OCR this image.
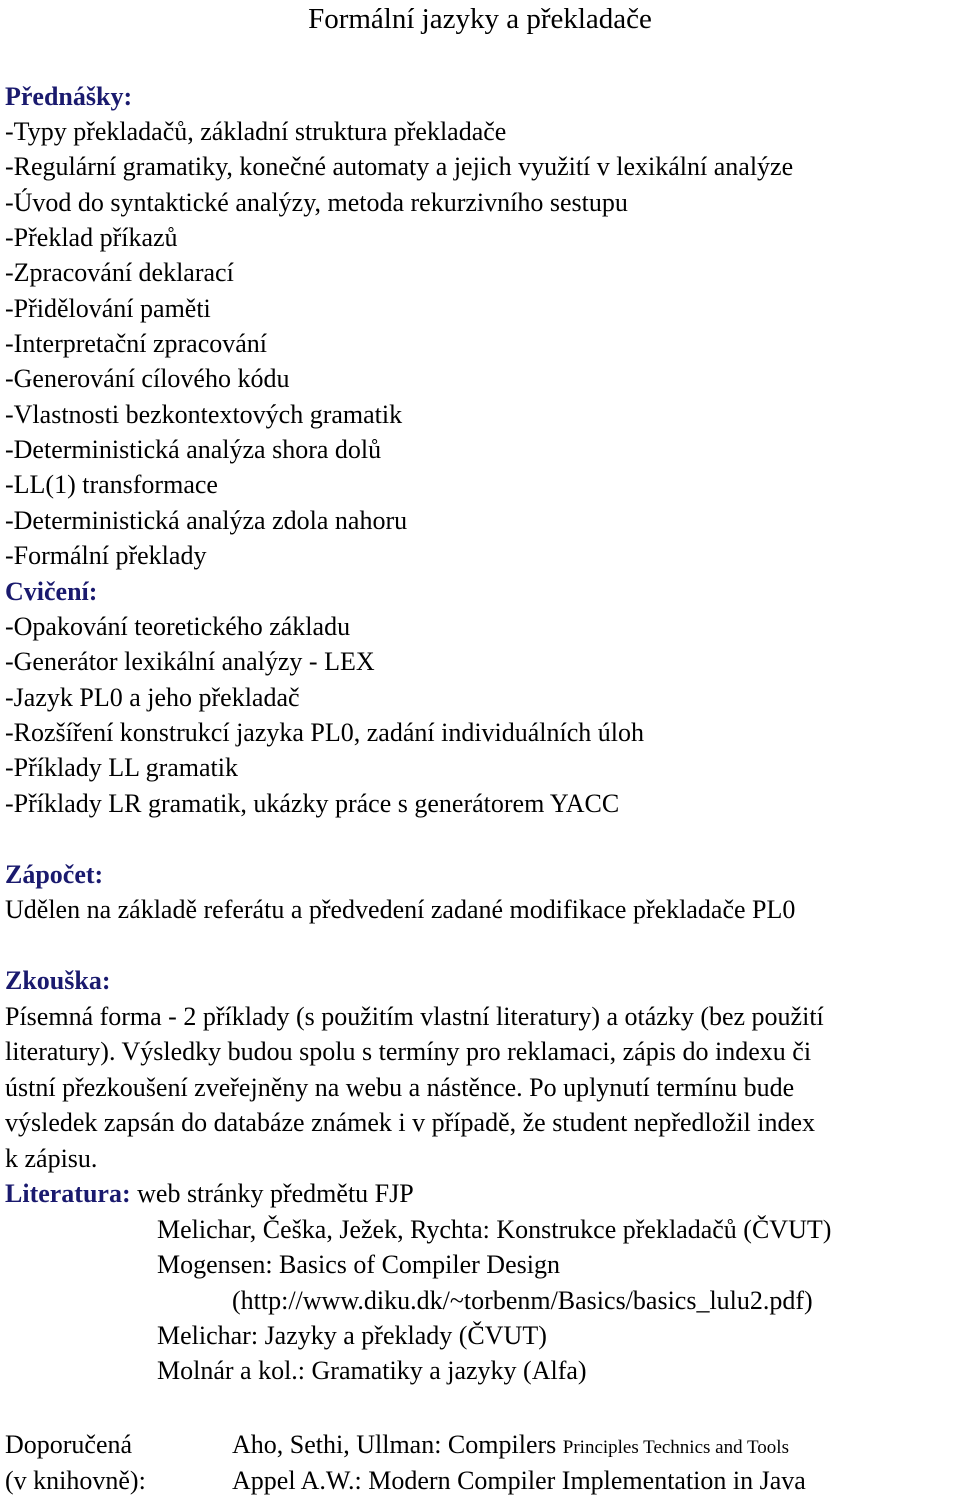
Formální jazyky a překladače
Přednášky:
-Typy překladačů, základní struktura překladače
-Regulární gramatiky, konečné automaty a jejich využití v lexikální analýze
-Úvod do syntaktické analýzy, metoda rekurzivního sestupu
-Překlad příkazů
-Zpracování deklarací
-Přidělování paměti
-Interpretační zpracování
-Generování cílového kódu
-Vlastnosti bezkontextových gramatik
-Deterministická analýza shora dolů
-LL(1) transformace
-Deterministická analýza zdola nahoru
-Formální překlady
Cvičení:
-Opakování teoretického základu
-Generátor lexikální analýzy - LEX
-Jazyk PL0 a jeho překladač
-Rozšíření konstrukcí jazyka PL0, zadání individuálních úloh
-Příklady LL gramatik
-Příklady LR gramatik, ukázky práce s generátorem YACC
Zápočet:
Udělen na základě referátu a předvedení zadané modifikace překladače PL0
Zkouška:
Písemná forma - 2 příklady (s použitím vlastní literatury) a otázky (bez použití
literatury). Výsledky budou spolu s termíny pro reklamaci, zápis do indexu či
ústní přezkoušení zveřejněny na webu a nástěnce. Po uplynutí termínu bude
výsledek zapsán do databáze známek i v případě, že student nepředložil index
k zápisu.
Literatura: web stránky předmětu FJP
Melichar, Češka, Ježek, Rychta: Konstrukce překladačů (ČVUT)
Mogensen: Basics of Compiler Design
(http://www.diku.dk/~torbenm/Basics/basics_lulu2.pdf)
Melichar: Jazyky a překlady (ČVUT)
Molnár a kol.: Gramatiky a jazyky (Alfa)
Doporučená
(v knihovně):
Aho, Sethi, Ullman: Compilers Principles Technics and Tools
Appel A.W.: Modern Compiler Implementation in Java
